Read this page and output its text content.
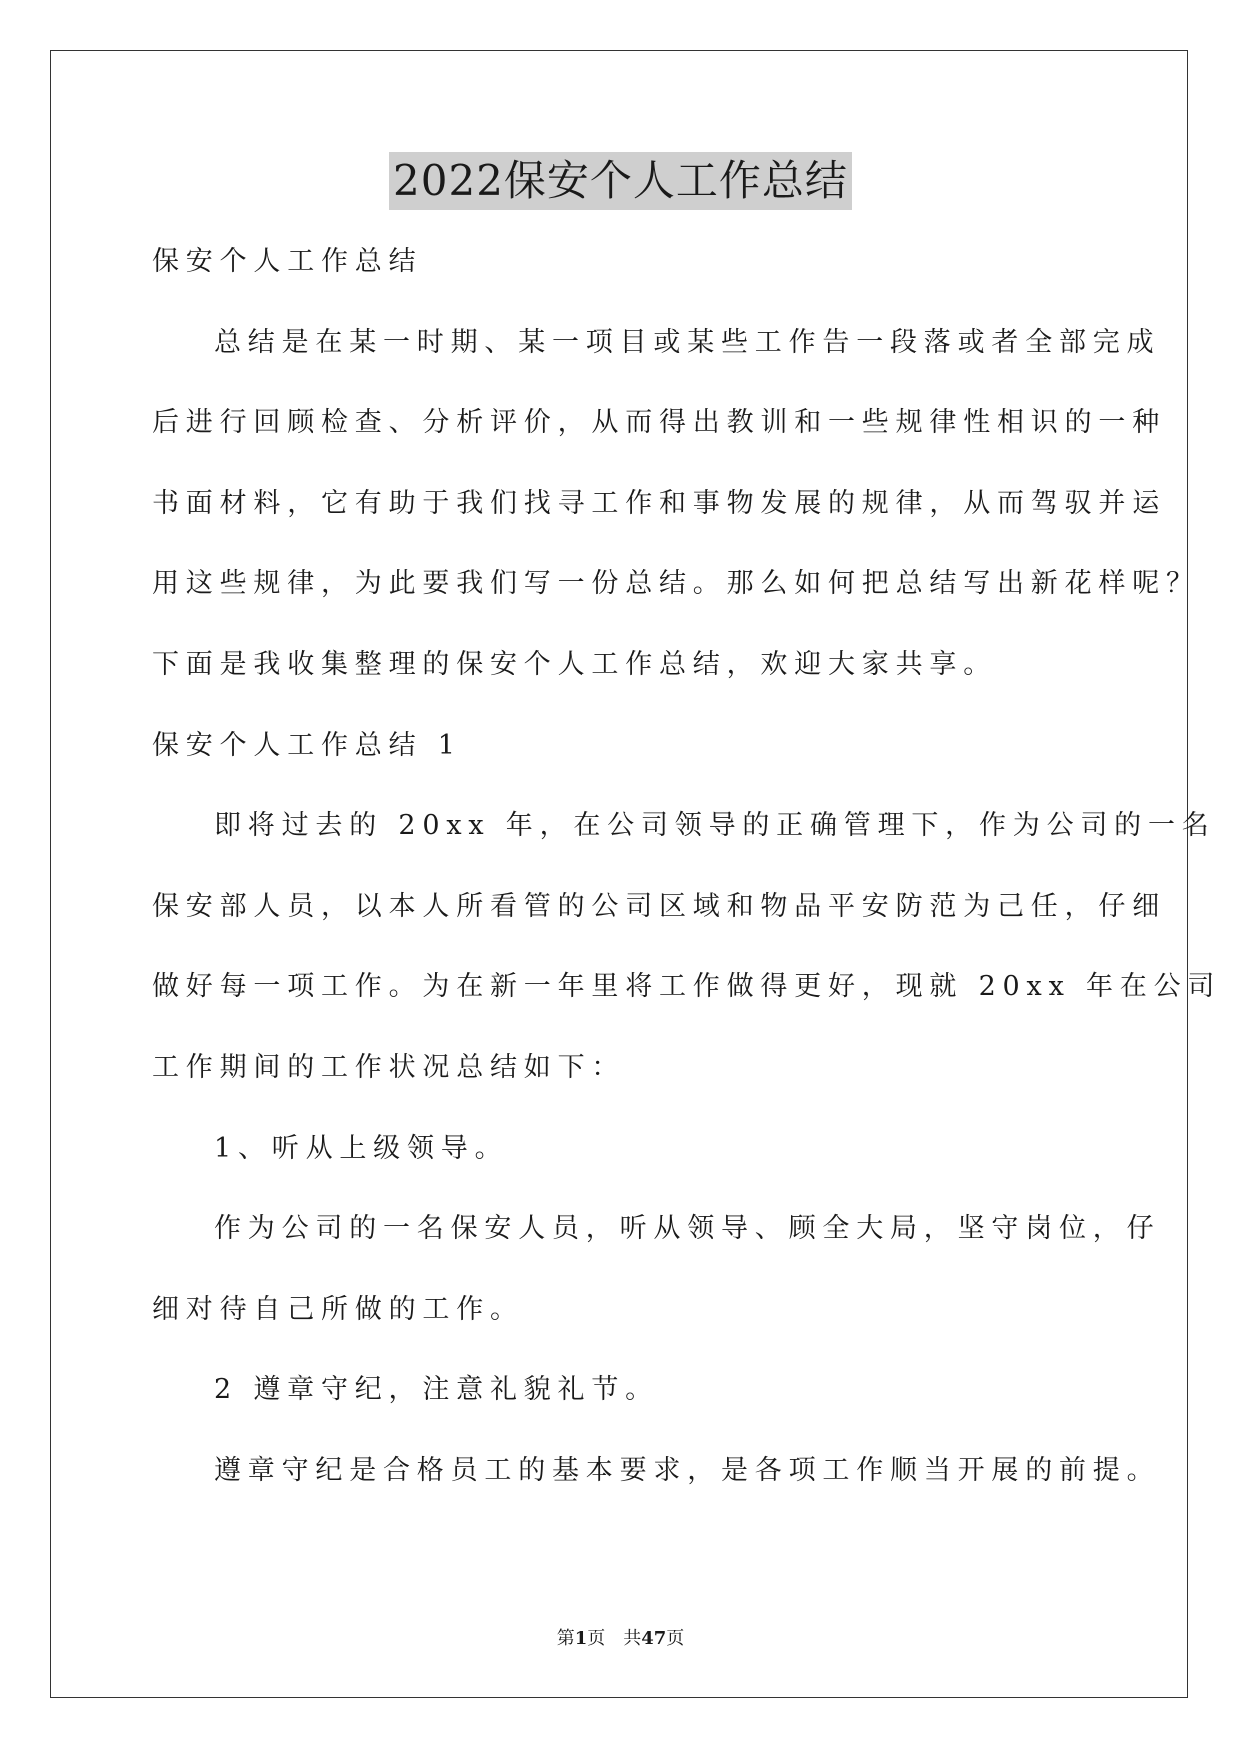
2022保安个人工作总结
保安个人工作总结
总结是在某一时期、某一项目或某些工作告一段落或者全部完成
后进行回顾检查、分析评价，从而得出教训和一些规律性相识的一种
书面材料，它有助于我们找寻工作和事物发展的规律，从而驾驭并运
用这些规律，为此要我们写一份总结。那么如何把总结写出新花样呢？
下面是我收集整理的保安个人工作总结，欢迎大家共享。
保安个人工作总结 1
即将过去的 20xx 年，在公司领导的正确管理下，作为公司的一名
保安部人员，以本人所看管的公司区域和物品平安防范为己任，仔细
做好每一项工作。为在新一年里将工作做得更好，现就 20xx 年在公司
工作期间的工作状况总结如下：
1、听从上级领导。
作为公司的一名保安人员，听从领导、顾全大局，坚守岗位，仔
细对待自己所做的工作。
2 遵章守纪，注意礼貌礼节。
遵章守纪是合格员工的基本要求，是各项工作顺当开展的前提。
第1页 共47页
